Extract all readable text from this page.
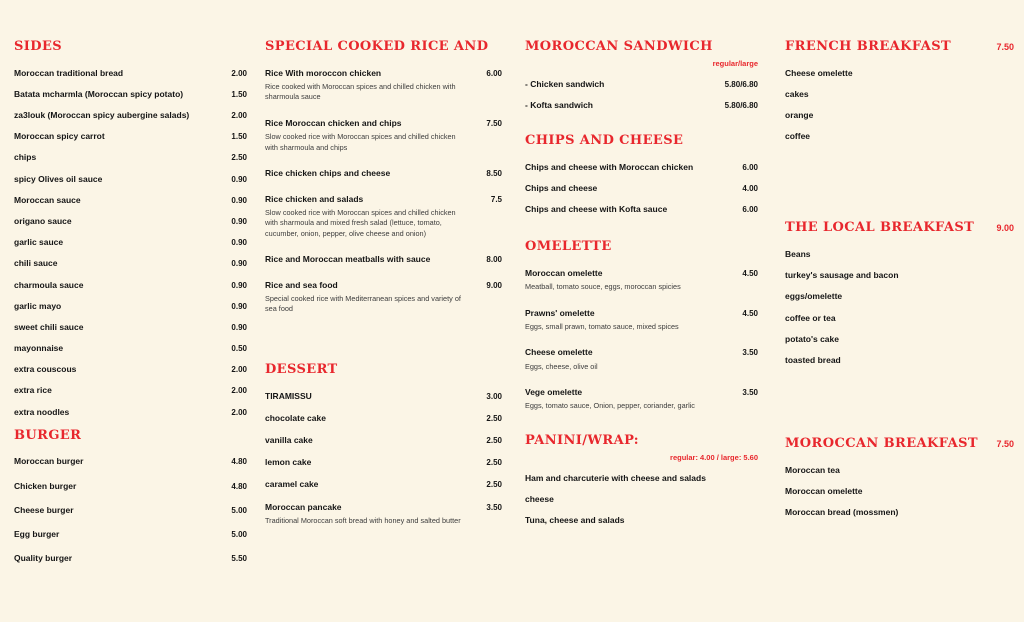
SIDES
Moroccan traditional bread	2.00
Batata mcharmla (Moroccan spicy potato)	1.50
za3louk (Moroccan spicy aubergine salads)	2.00
Moroccan spicy carrot	1.50
chips	2.50
spicy Olives oil sauce	0.90
Moroccan sauce	0.90
origano sauce	0.90
garlic sauce	0.90
chili sauce	0.90
charmoula sauce	0.90
garlic mayo	0.90
sweet chili sauce	0.90
mayonnaise	0.50
extra couscous	2.00
extra rice	2.00
extra noodles	2.00
BURGER
Moroccan burger	4.80
Chicken burger	4.80
Cheese burger	5.00
Egg burger	5.00
Quality burger	5.50
SPECIAL COOKED RICE AND
Rice With moroccon chicken	6.00
Rice cooked with Moroccan spices and chilled chicken with sharmoula sauce
Rice Moroccan chicken and chips	7.50
Slow cooked rice with Moroccan spices and chilled chicken with sharmoula and chips
Rice chicken chips and cheese	8.50
Rice chicken and salads	7.5
Slow cooked rice with Moroccan spices and chilled chicken with sharmoula and mixed fresh salad (lettuce, tomato, cucumber, onion, pepper, olive cheese and onion)
Rice and Moroccan meatballs with sauce	8.00
Rice and sea food	9.00
Special cooked rice with Mediterranean spices and variety of sea food
DESSERT
TIRAMISSU	3.00
chocolate cake	2.50
vanilla cake	2.50
lemon cake	2.50
caramel cake	2.50
Moroccan pancake	3.50
Traditional Moroccan soft bread with honey and salted butter
MOROCCAN SANDWICH
regular/large
- Chicken sandwich	5.80/6.80
- Kofta sandwich	5.80/6.80
CHIPS AND CHEESE
Chips and cheese with Moroccan chicken	6.00
Chips and cheese	4.00
Chips and cheese with Kofta sauce	6.00
OMELETTE
Moroccan omelette	4.50
Meatball, tomato souce, eggs, moroccan spicies
Prawns' omelette	4.50
Eggs, small prawn, tomato sauce, mixed spices
Cheese omelette	3.50
Eggs, cheese, olive oil
Vege omelette	3.50
Eggs, tomato sauce, Onion, pepper, coriander, garlic
PANINI/WRAP:
regular: 4.00 / large: 5.60
Ham and charcuterie with cheese and salads
cheese
Tuna, cheese and salads
FRENCH BREAKFAST	7.50
Cheese omelette
cakes
orange
coffee
THE LOCAL BREAKFAST 9.00
Beans
turkey's sausage and bacon
eggs/omelette
coffee or tea
potato's cake
toasted bread
MOROCCAN BREAKFAST 7.50
Moroccan tea
Moroccan omelette
Moroccan bread (mossmen)
